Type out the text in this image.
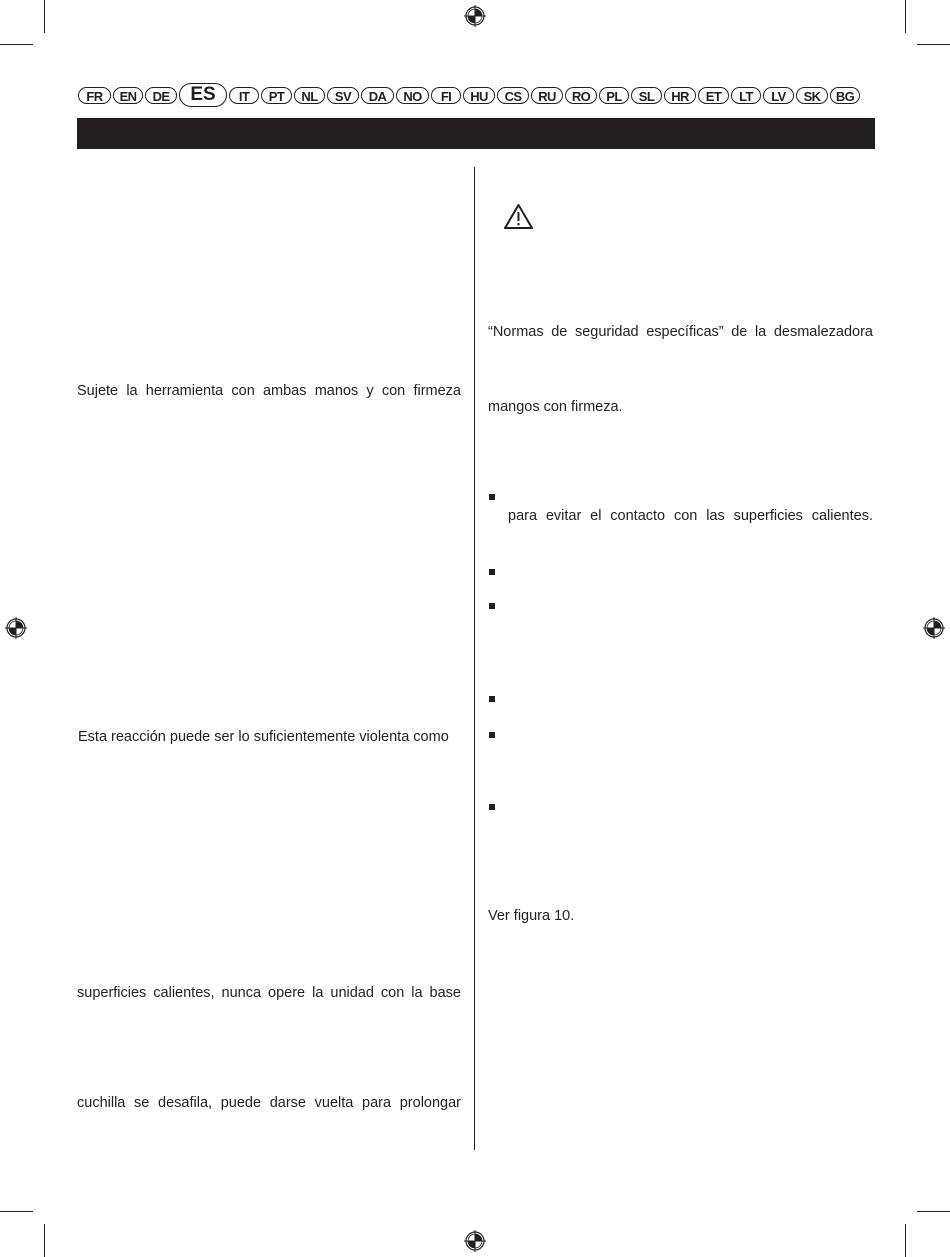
FR	EN	DE	ES	IT	PT	NL	SV	DA	NO	FI	HU	CS	RU	RO	PL	SL	HR	ET	LT	LV	SK	BG
Sujete la herramienta con ambas manos y con firmeza
Esta reacción puede ser lo suficientemente violenta como
superficies calientes, nunca opere la unidad con la base
cuchilla se desafila, puede darse vuelta para prolongar
“Normas de seguridad específicas” de la desmalezadora
mangos con firmeza.
para evitar el contacto con las superficies calientes.
Ver figura 10.
